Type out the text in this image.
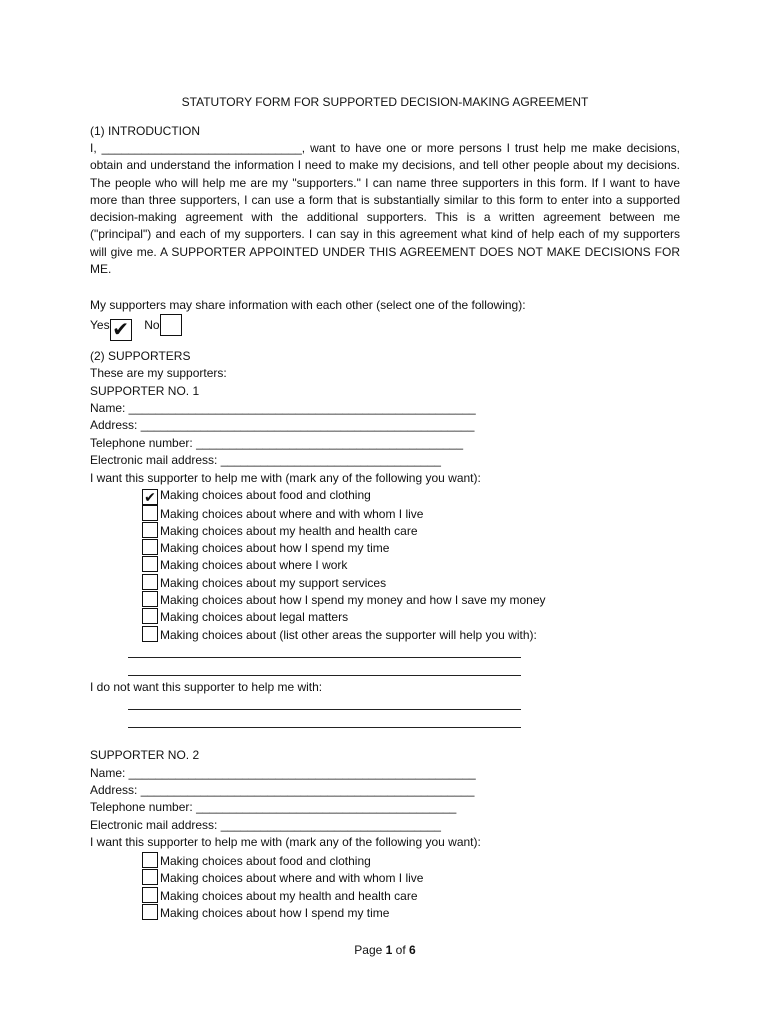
STATUTORY FORM FOR SUPPORTED DECISION-MAKING AGREEMENT
(1) INTRODUCTION
I, ______________________________, want to have one or more persons I trust help me make decisions, obtain and understand the information I need to make my decisions, and tell other people about my decisions. The people who will help me are my "supporters." I can name three supporters in this form. If I want to have more than three supporters, I can use a form that is substantially similar to this form to enter into a supported decision-making agreement with the additional supporters. This is a written agreement between me ("principal") and each of my supporters. I can say in this agreement what kind of help each of my supporters will give me. A SUPPORTER APPOINTED UNDER THIS AGREEMENT DOES NOT MAKE DECISIONS FOR ME.
My supporters may share information with each other (select one of the following):
Yes ✔ No
(2) SUPPORTERS
These are my supporters:
SUPPORTER NO. 1
Name: ____________________________________________________
Address: __________________________________________________
Telephone number: ________________________________________
Electronic mail address: _________________________________
I want this supporter to help me with (mark any of the following you want):
✔ Making choices about food and clothing
Making choices about where and with whom I live
Making choices about my health and health care
Making choices about how I spend my time
Making choices about where I work
Making choices about my support services
Making choices about how I spend my money and how I save my money
Making choices about legal matters
Making choices about (list other areas the supporter will help you with):
I do not want this supporter to help me with:
SUPPORTER NO. 2
Name: ____________________________________________________
Address: __________________________________________________
Telephone number: _______________________________________
Electronic mail address: _________________________________
I want this supporter to help me with (mark any of the following you want):
Making choices about food and clothing
Making choices about where and with whom I live
Making choices about my health and health care
Making choices about how I spend my time
Page 1 of 6
